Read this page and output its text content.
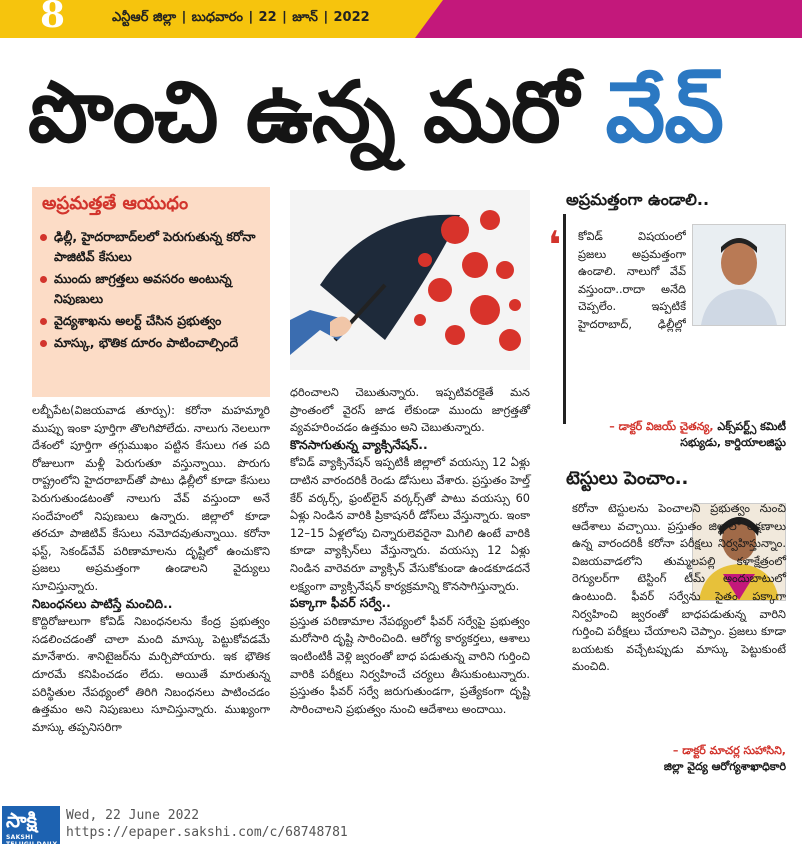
8	ఎన్టీఆర్ జిల్లా ∣ బుధవారం ∣ 22 ∣ జూన్ ∣ 2022
పొంచి ఉన్న మరో వేవ్
అప్రమత్తతే ఆయుధం
ఢిల్లీ, హైదరాబాద్‌లలో పెరుగుతున్న కరోనా పాజిటివ్ కేసులు
ముందు జాగ్రత్తలు అవసరం అంటున్న నిపుణులు
వైద్యశాఖను అలర్ట్ చేసిన ప్రభుత్వం
మాస్కు, భౌతిక దూరం పాటించాల్సిందే

లబ్బీపేట(విజయవాడ తూర్పు): కరోనా మహమ్మారి ముప్పు ఇంకా పూర్తిగా తొలగిపోలేదు. నాలుగు నెలలుగా దేశంలో పూర్తిగా తగ్గుముఖం పట్టిన కేసులు గత పది రోజులుగా మళ్లీ పెరుగుతూ వస్తున్నాయి. పొరుగు రాష్ట్రంలోని హైదరాబాద్‌తో పాటు ఢిల్లీలో కూడా కేసులు పెరుగుతుండటంతో నాలుగు వేవ్ వస్తుందా అనే సందేహంలో నిపుణులు ఉన్నారు. జిల్లాలో కూడా తరచూ పాజిటివ్ కేసులు నమోదవుతున్నాయి. కరోనా ఫస్ట్, సెకండ్‌వేవ్ పరిణామాలను దృష్టిలో ఉంచుకొని ప్రజలు అప్రమత్తంగా ఉండాలని వైద్యులు సూచిస్తున్నారు.

నిబంధనలు పాటిస్తే మంచిది..

కొద్దిరోజులుగా కోవిడ్ నిబంధనలను కేంద్ర ప్రభుత్వం సడలించడంతో చాలా మంది మాస్కు పెట్టుకోవడమే మానేశారు. శానిటైజర్‌ను మర్చిపోయారు. ఇక భౌతిక దూరమే కనిపించడం లేదు. అయితే మారుతున్న పరిస్థితుల నేపథ్యంలో తిరిగి నిబంధనలు పాటించడం ఉత్తమం అని నిపుణులు సూచిస్తున్నారు. ముఖ్యంగా మాస్కు తప్పనిసరిగా

ధరించాలని చెబుతున్నారు. ఇప్పటివరకైతే మన ప్రాంతంలో వైరస్ జాడ లేకుండా ముందు జాగ్రత్తతో వ్యవహరించడం ఉత్తమం అని చెబుతున్నారు.

కొనసాగుతున్న వ్యాక్సినేషన్..

కోవిడ్ వ్యాక్సినేషన్ ఇప్పటికీ జిల్లాలో వయస్సు 12 ఏళ్లు దాటిన వారందరికీ రెండు డోసులు వేశారు. ప్రస్తుతం హెల్త్ కేర్ వర్కర్స్, ఫ్రంట్‌లైన్ వర్కర్స్‌తో పాటు వయస్సు 60 ఏళ్లు నిండిన వారికి ప్రికాషనరీ డోస్‌లు వేస్తున్నారు. ఇంకా 12–15 ఏళ్లలోపు చిన్నారులెవరైనా మిగిలి ఉంటే వారికి కూడా వ్యాక్సిన్‌లు వేస్తున్నారు. వయస్సు 12 ఏళ్లు నిండిన వారెవరూ వ్యాక్సిన్ వేసుకోకుండా ఉండకూడదనే లక్ష్యంగా వ్యాక్సినేషన్ కార్యక్రమాన్ని కొనసాగిస్తున్నారు.

పక్కాగా ఫీవర్ సర్వే..

ప్రస్తుత పరిణామాల నేపథ్యంలో ఫీవర్ సర్వేపై ప్రభుత్వం మరోసారి దృష్టి సారించింది. ఆరోగ్య కార్యకర్తలు, ఆశాలు ఇంటింటికీ వెళ్లి జ్వరంతో బాధ పడుతున్న వారిని గుర్తించి వారికి పరీక్షలు నిర్వహించే చర్యలు తీసుకుంటున్నారు. ప్రస్తుతం ఫీవర్ సర్వే జరుగుతుండగా, ప్రత్యేకంగా దృష్టి సారించాలని ప్రభుత్వం నుంచి ఆదేశాలు అందాయి.

అప్రమత్తంగా ఉండాలి..
❛ కోవిడ్ విషయంలో ప్రజలు అప్రమత్తంగా ఉండాలి. నాలుగో వేవ్ వస్తుందా..రాదా అనేది చెప్పలేం. ఇప్పటికే హైదరాబాద్, ఢిల్లీల్లో

– డాక్టర్ విజయ్ చైతన్య, ఎక్స్‌పర్ట్స్ కమిటీ
సభ్యుడు, కార్డియాలజిస్టు
టెస్టులు పెంచాం..

కరోనా టెస్టులను పెంచాలని ప్రభుత్వం నుంచి ఆదేశాలు వచ్చాయి. ప్రస్తుతం జిల్లాలో లక్షణాలు ఉన్న వారందరికీ కరోనా పరీక్షలు నిర్వహిస్తున్నాం. విజయవాడలోని తుమ్మలపల్లి కళాక్షేత్రంలో రెగ్యులర్‌గా టెస్టింగ్ టీమ్ అందుబాటులో ఉంటుంది. ఫీవర్ సర్వేను సైతం పక్కాగా నిర్వహించి జ్వరంతో బాధపడుతున్న వారిని గుర్తించి పరీక్షలు చేయాలని చెప్పాం. ప్రజలు కూడా బయటకు వచ్చేటప్పుడు మాస్కు పెట్టుకుంటే మంచిది.

– డాక్టర్ మాచర్ల సుహాసిని,
జిల్లా వైద్య ఆరోగ్యశాఖాధికారి
సాక్షి
SAKSHI TELUGU DAILY
Wed, 22 June 2022
https://epaper.sakshi.com/c/68748781
